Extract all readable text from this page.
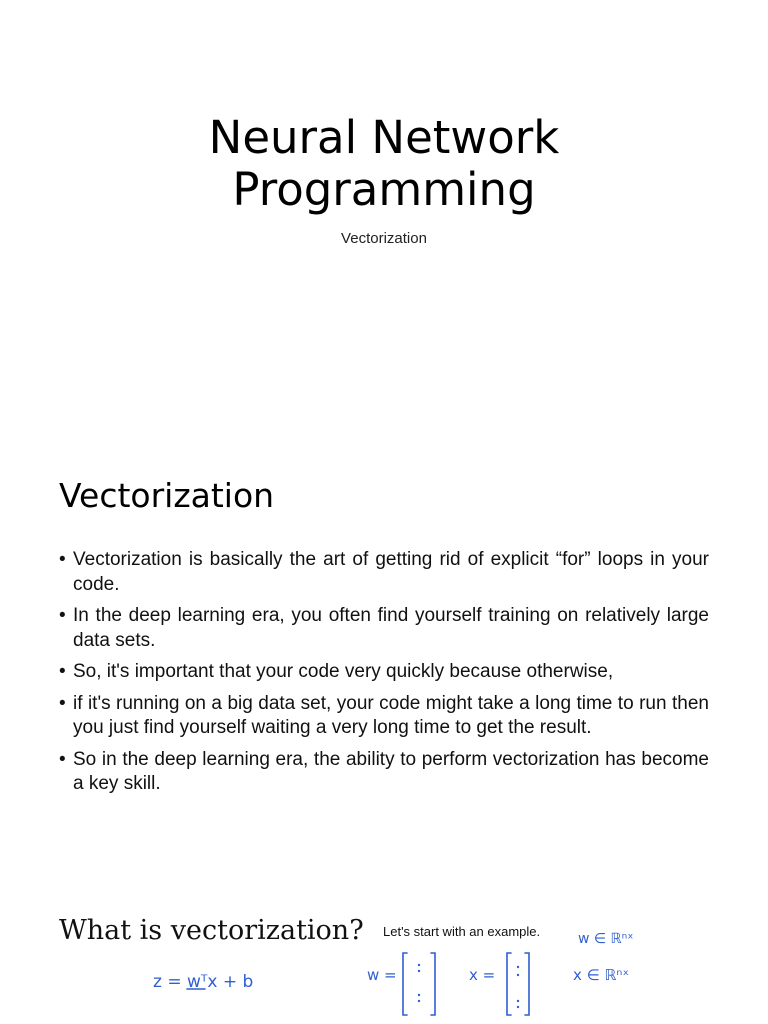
Neural Network
Programming
Vectorization
Vectorization
• Vectorization is basically the art of getting rid of explicit “for” loops in your code.
• In the deep learning era, you often find yourself training on relatively large data sets.
• So, it's important that your code very quickly because otherwise,
• if it's running on a big data set, your code might take a long time to run then you just find yourself waiting a very long time to get the result.
• So in the deep learning era, the ability to perform vectorization has become a key skill.
What is vectorization? Let's start with an example.
z = wᵀx + b	w =	x =
w ∈ ℝⁿˣ
x ∈ ℝⁿˣ
